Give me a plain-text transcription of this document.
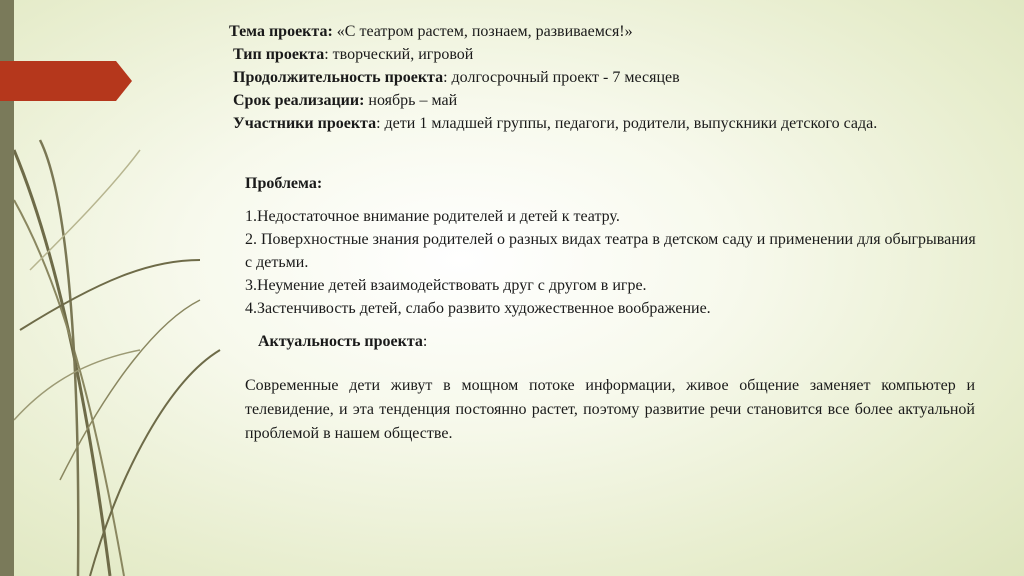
Тема проекта: «С театром растем, познаем, развиваемся!»

Тип проекта: творческий, игровой

Продолжительность проекта: долгосрочный проект - 7 месяцев

Срок реализации: ноябрь – май

Участники проекта: дети 1 младшей группы, педагоги, родители, выпускники детского сада.

Проблема:

1.Недостаточное внимание родителей и детей к театру.

2. Поверхностные знания родителей о разных видах театра в детском саду и применении для обыгрывания с детьми.

3.Неумение детей взаимодействовать друг с другом в игре.

4.Застенчивость детей, слабо развито художественное воображение.

Актуальность проекта:
Современные дети живут в мощном потоке информации, живое общение заменяет компьютер и телевидение, и эта тенденция постоянно растет, поэтому развитие речи становится все более актуальной проблемой в нашем обществе.
